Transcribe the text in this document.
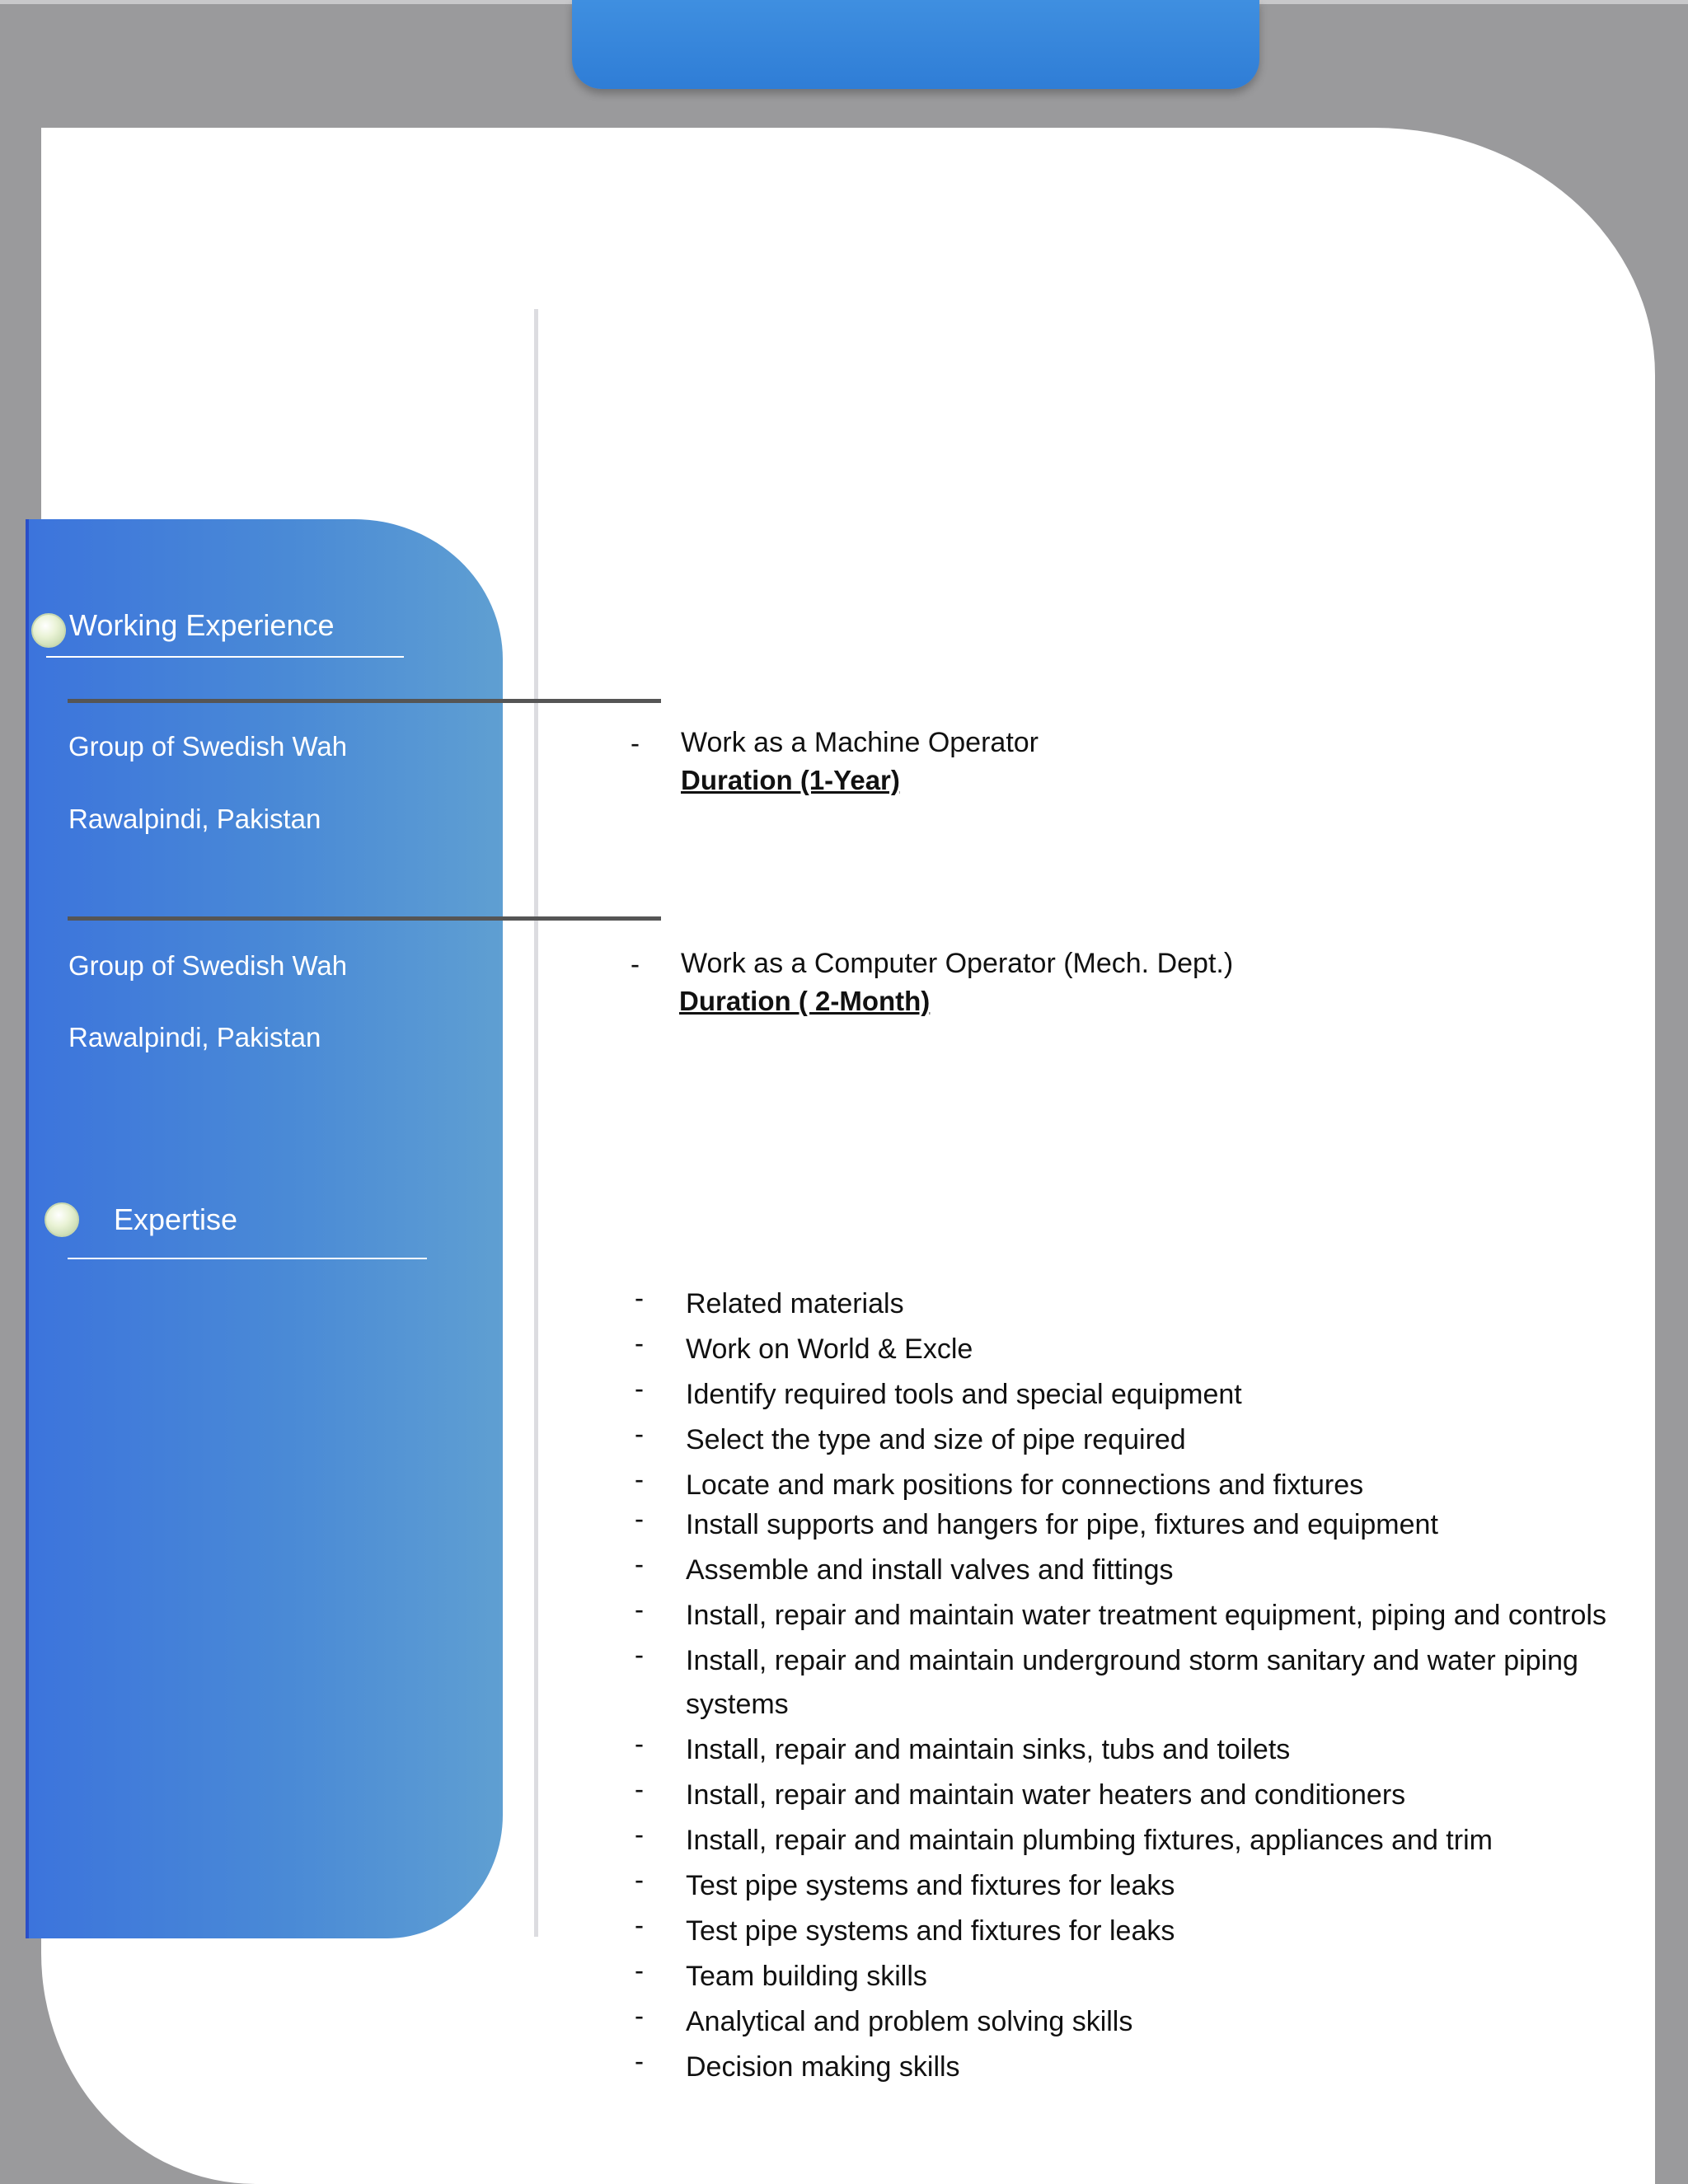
Working Experience
Group of Swedish Wah
Rawalpindi, Pakistan
- Work as a Machine Operator
Duration (1-Year)
Group of Swedish Wah
Rawalpindi, Pakistan
- Work as a Computer Operator (Mech. Dept.)
Duration ( 2-Month)
Expertise
- Related materials
- Work on World & Excle
- Identify required tools and special equipment
- Select the type and size of pipe required
- Locate and mark positions for connections and fixtures
- Install supports and hangers for pipe, fixtures and equipment
- Assemble and install valves and fittings
- Install, repair and maintain water treatment equipment, piping and controls
- Install, repair and maintain underground storm sanitary and water piping systems
- Install, repair and maintain sinks, tubs and toilets
- Install, repair and maintain water heaters and conditioners
- Install, repair and maintain plumbing fixtures, appliances and trim
- Test pipe systems and fixtures for leaks
- Test pipe systems and fixtures for leaks
- Team building skills
- Analytical and problem solving skills
- Decision making skills
